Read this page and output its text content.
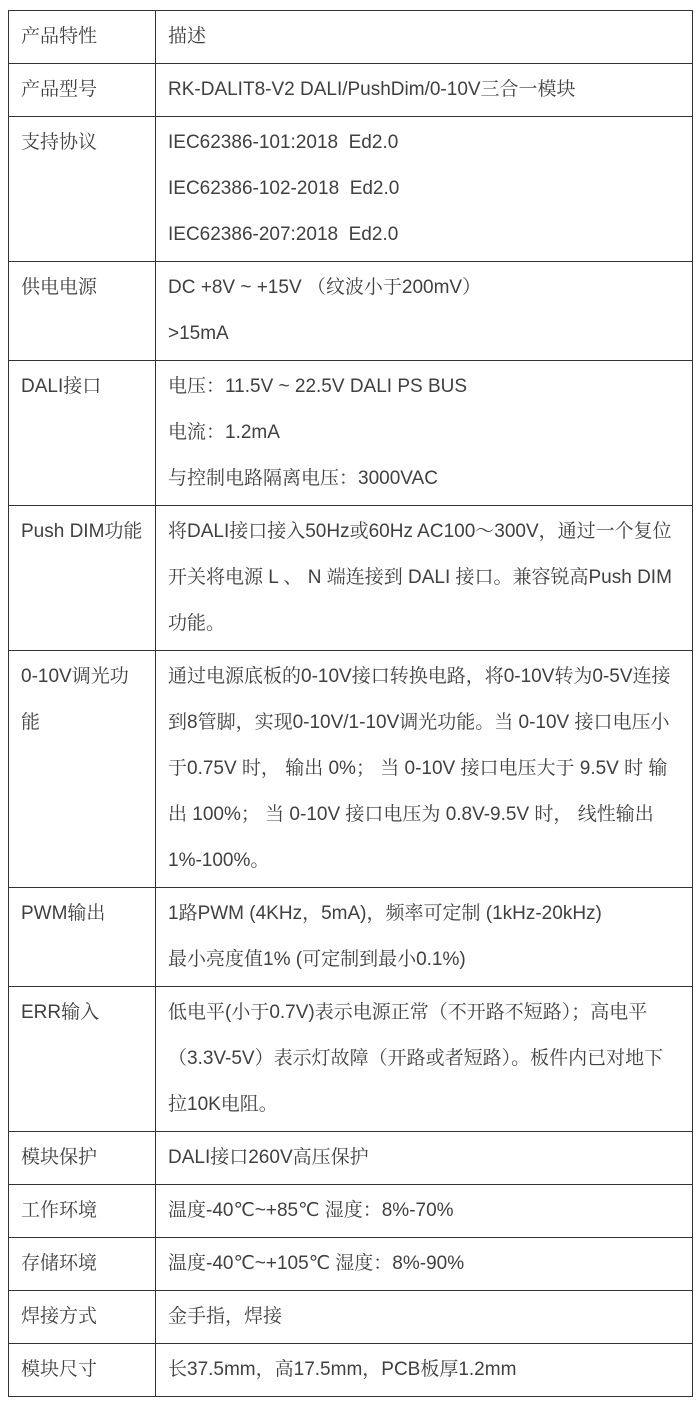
产品特性	描述

产品型号	RK-DALIT8-V2 DALI/PushDim/0-10V三合一模块

支持协议	IEC62386-101:2018  Ed2.0
IEC62386-102-2018  Ed2.0
IEC62386-207:2018  Ed2.0

供电电源	DC +8V ~ +15V （纹波小于200mV）
>15mA

DALI接口	电压：11.5V ~ 22.5V DALI PS BUS
电流：1.2mA
与控制电路隔离电压：3000VAC

Push DIM功能	将DALI接口接入50Hz或60Hz AC100～300V，通过一个复位开关将电源 L 、 N 端连接到 DALI 接口。兼容锐高Push DIM 功能。

0-10V调光功能	通过电源底板的0-10V接口转换电路，将0-10V转为0-5V连接到8管脚，实现0-10V/1-10V调光功能。当 0-10V 接口电压小于0.75V 时， 输出 0%； 当 0-10V 接口电压大于 9.5V 时 输出 100%； 当 0-10V 接口电压为 0.8V-9.5V 时， 线性输出 1%-100%。

PWM输出	1路PWM (4KHz，5mA)，频率可定制 (1kHz-20kHz)
最小亮度值1% (可定制到最小0.1%)

ERR输入	低电平(小于0.7V)表示电源正常（不开路不短路）；高电平（3.3V-5V）表示灯故障（开路或者短路）。板件内已对地下拉10K电阻。

模块保护	DALI接口260V高压保护

工作环境	温度-40℃~+85℃ 湿度：8%-70%

存储环境	温度-40℃~+105℃ 湿度：8%-90%

焊接方式	金手指，焊接

模块尺寸	长37.5mm，高17.5mm，PCB板厚1.2mm
